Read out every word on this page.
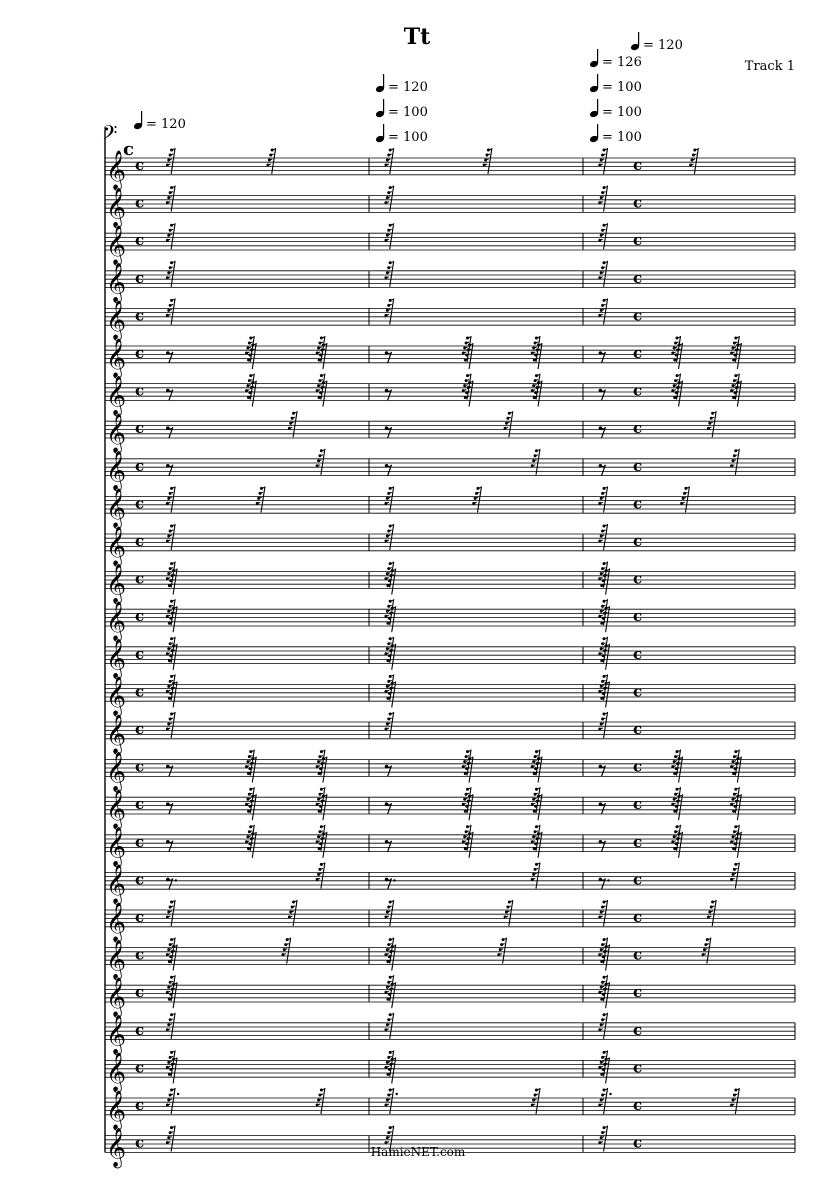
Tt
Track 1
= 120
= 120
= 100
= 100
= 120
= 126
= 100
= 100
= 100
𝄢
c
𝄞 c	c
𝄞 c	c
𝄞 c	c
𝄞 c	c
𝄞 c	c
𝄞 c	c
𝄞 c	c
𝄞 c	c
𝄞 c	c
𝄞 c	c
𝄞 c	c
𝄞 c	c
𝄞 c	c
𝄞 c	c
𝄞 c	c
𝄞 c	c
𝄞 c	c
𝄞 c	c
𝄞 c	c
𝄞 c	c
𝄞 c	c
𝄞 c	c
𝄞 c	c
𝄞 c	c
𝄞 c	c
𝄞 c	c
𝄞 c	c
HamieNET.com
